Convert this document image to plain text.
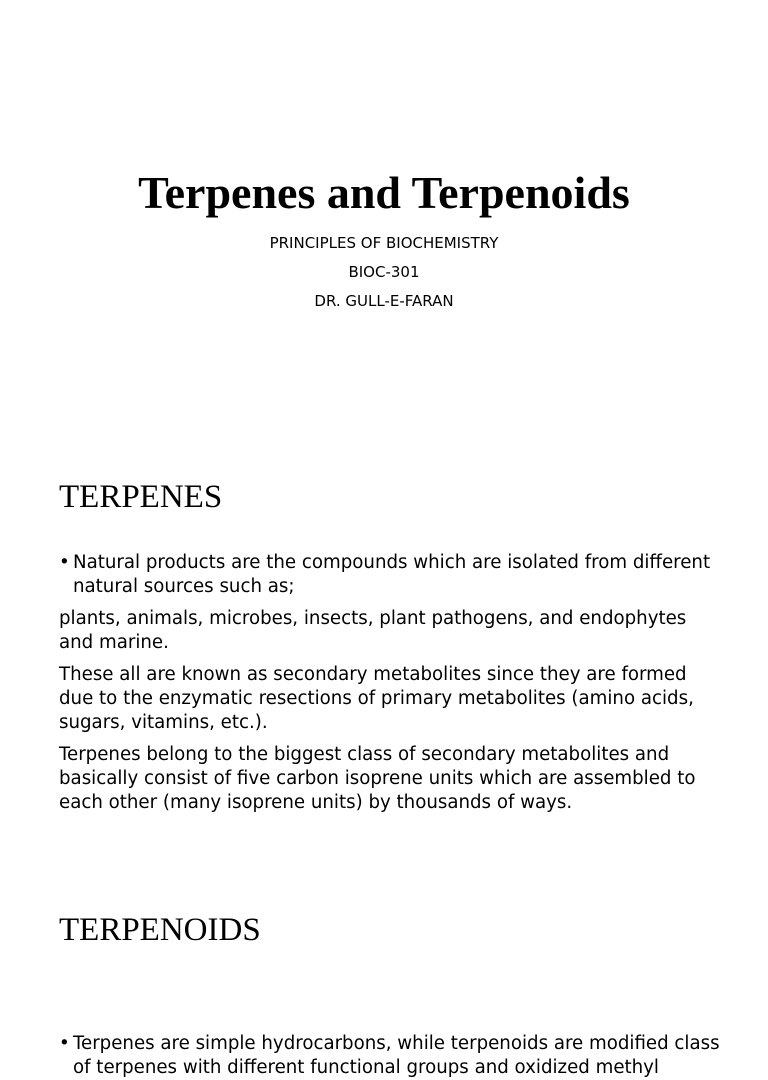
Terpenes and Terpenoids
PRINCIPLES OF BIOCHEMISTRY
BIOC-301
DR. GULL-E-FARAN
TERPENES
• Natural products are the compounds which are isolated from different natural sources such as;
plants, animals, microbes, insects, plant pathogens, and endophytes and marine.
These all are known as secondary metabolites since they are formed due to the enzymatic resections of primary metabolites (amino acids, sugars, vitamins, etc.).
Terpenes belong to the biggest class of secondary metabolites and basically consist of five carbon isoprene units which are assembled to each other (many isoprene units) by thousands of ways.
TERPENOIDS
• Terpenes are simple hydrocarbons, while terpenoids are modified class of terpenes with different functional groups and oxidized methyl
